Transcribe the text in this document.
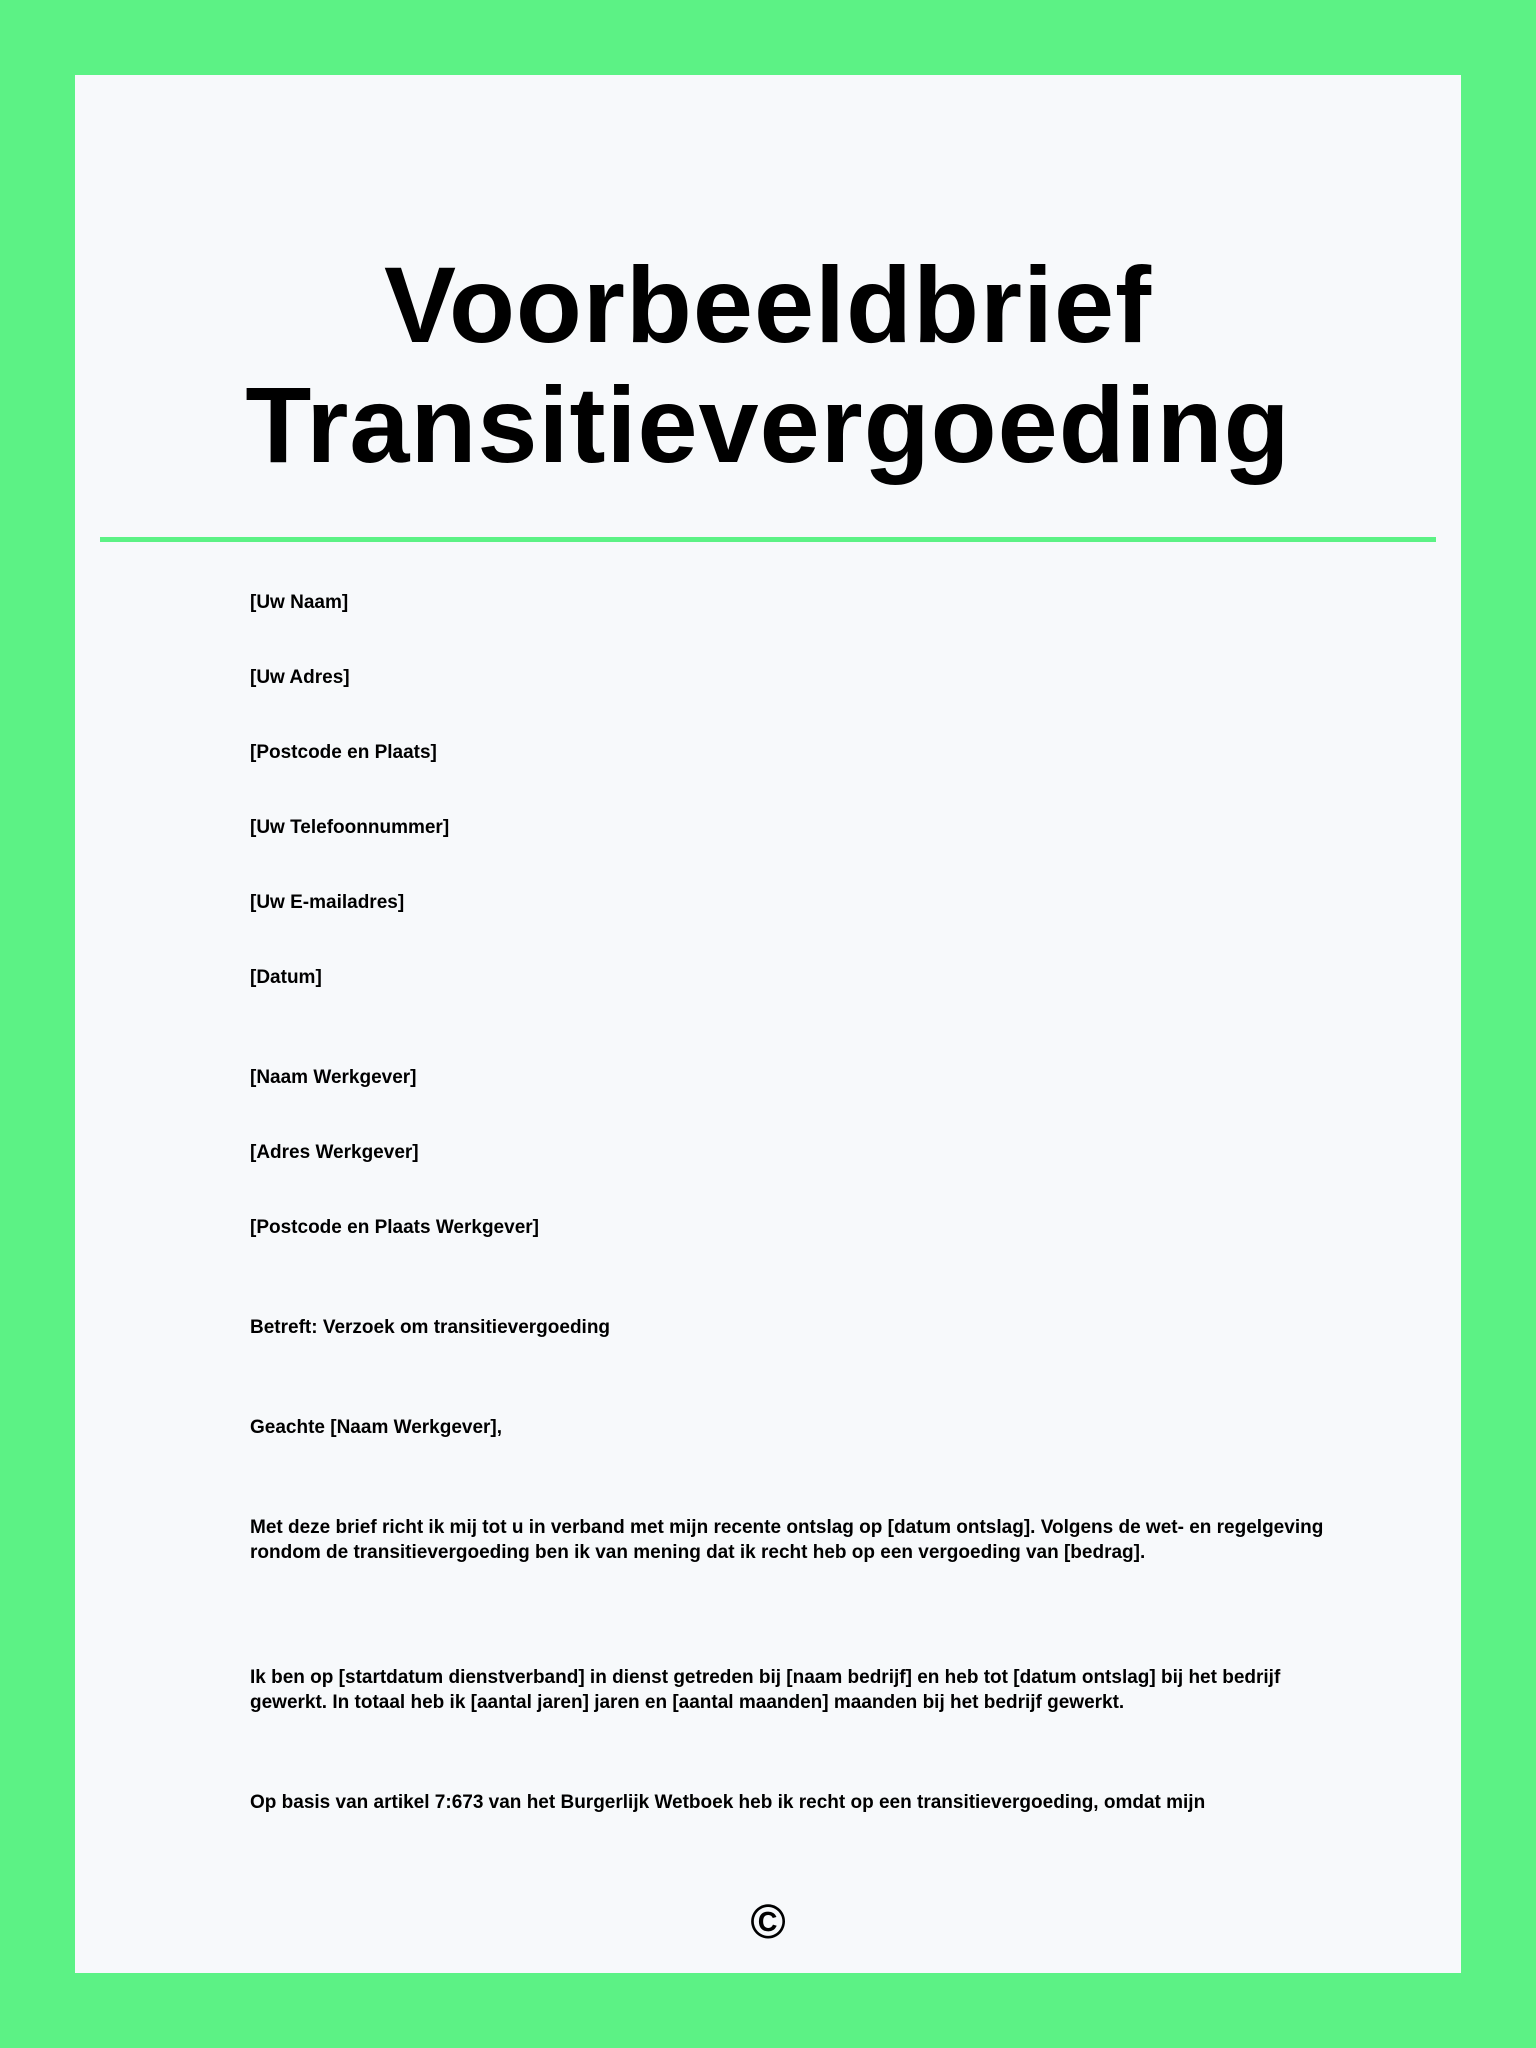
Voorbeeldbrief Transitievergoeding

[Uw Naam]

[Uw Adres]

[Postcode en Plaats]

[Uw Telefoonnummer]

[Uw E-mailadres]

[Datum]

[Naam Werkgever]

[Adres Werkgever]

[Postcode en Plaats Werkgever]

Betreft: Verzoek om transitievergoeding

Geachte [Naam Werkgever],

Met deze brief richt ik mij tot u in verband met mijn recente ontslag op [datum ontslag]. Volgens de wet- en regelgeving rondom de transitievergoeding ben ik van mening dat ik recht heb op een vergoeding van [bedrag].

Ik ben op [startdatum dienstverband] in dienst getreden bij [naam bedrijf] en heb tot [datum ontslag] bij het bedrijf gewerkt. In totaal heb ik [aantal jaren] jaren en [aantal maanden] maanden bij het bedrijf gewerkt.

Op basis van artikel 7:673 van het Burgerlijk Wetboek heb ik recht op een transitievergoeding, omdat mijn

©
